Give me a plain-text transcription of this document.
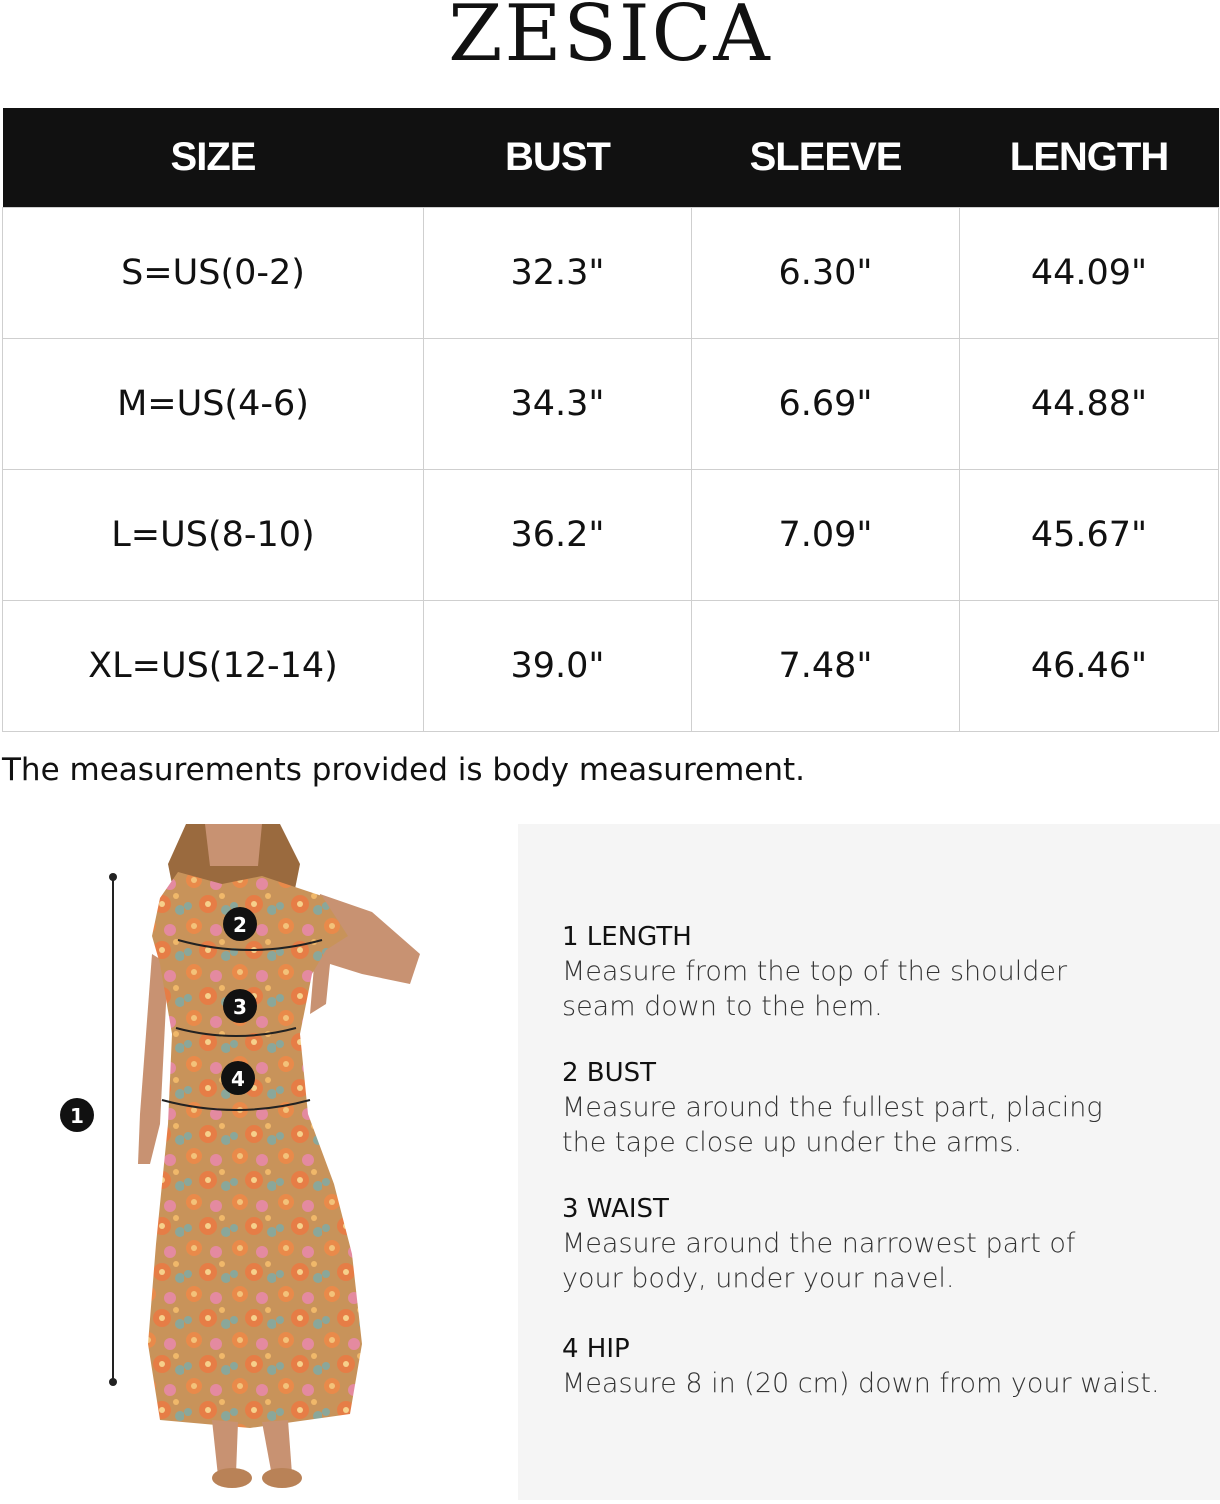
ZESICA
SIZE	BUST	SLEEVE	LENGTH
S=US(0-2)	32.3"	6.30"	44.09"
M=US(4-6)	34.3"	6.69"	44.88"
L=US(8-10)	36.2"	7.09"	45.67"
XL=US(12-14)	39.0"	7.48"	46.46"
The measurements provided is body measurement.
1
2
3
4

1 LENGTH

Measure from the top of the shoulder

seam down to the hem.

2 BUST

Measure around the fullest part, placing

the tape close up under the arms.

3 WAIST

Measure around the narrowest part of

your body, under your navel.

4 HIP

Measure 8 in (20 cm) down from your waist.
